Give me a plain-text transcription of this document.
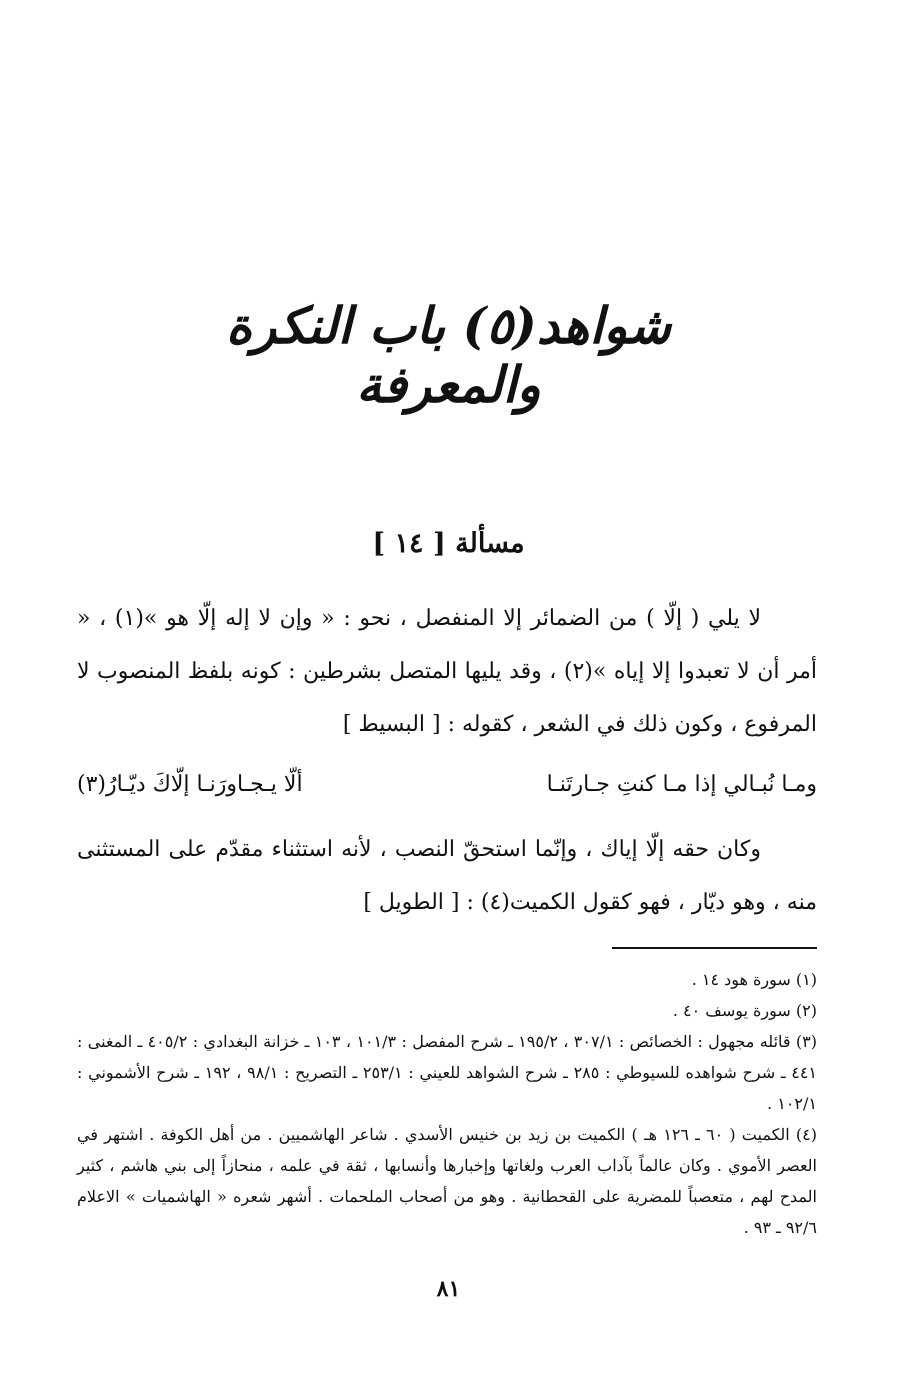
شواهد(٥) باب النكرة والمعرفة
مسألة [ ١٤ ]

لا يلي ( إلّا ) من الضمائر إلا المنفصل ، نحو : « وإن لا إله إلّا هو »(١) ، « أمر أن لا تعبدوا إلا إياه »(٢) ، وقد يليها المتصل بشرطين : كونه بلفظ المنصوب لا المرفوع ، وكون ذلك في الشعر ، كقوله : [ البسيط ]

ومـا نُبـالي إذا مـا كنتِ جـارتَنـا
ألّا يـجـاورَنـا إلّاكَ ديّـارُ(٣)

وكان حقه إلّا إياك ، وإنّما استحقّ النصب ، لأنه استثناء مقدّم على المستثنى منه ، وهو ديّار ، فهو كقول الكميت(٤) : [ الطويل ]

(١) سورة هود ١٤ .

(٢) سورة يوسف ٤٠ .

(٣) قائله مجهول : الخصائص : ٣٠٧/١ ، ١٩٥/٢ ـ شرح المفصل : ١٠١/٣ ، ١٠٣ ـ خزانة البغدادي : ٤٠٥/٢ ـ المغنى : ٤٤١ ـ شرح شواهده للسيوطي : ٢٨٥ ـ شرح الشواهد للعيني : ٢٥٣/١ ـ التصريح : ٩٨/١ ، ١٩٢ ـ شرح الأشموني : ١٠٢/١ .

(٤) الكميت ( ٦٠ ـ ١٢٦ هـ ) الكميت بن زيد بن خنيس الأسدي . شاعر الهاشميين . من أهل الكوفة . اشتهر في العصر الأموي . وكان عالماً بآداب العرب ولغاتها وإخبارها وأنسابها ، ثقة في علمه ، منحازاً إلى بني هاشم ، كثير المدح لهم ، متعصباً للمضرية على القحطانية . وهو من أصحاب الملحمات . أشهر شعره « الهاشميات » الاعلام ٩٢/٦ ـ ٩٣ .

٨١
